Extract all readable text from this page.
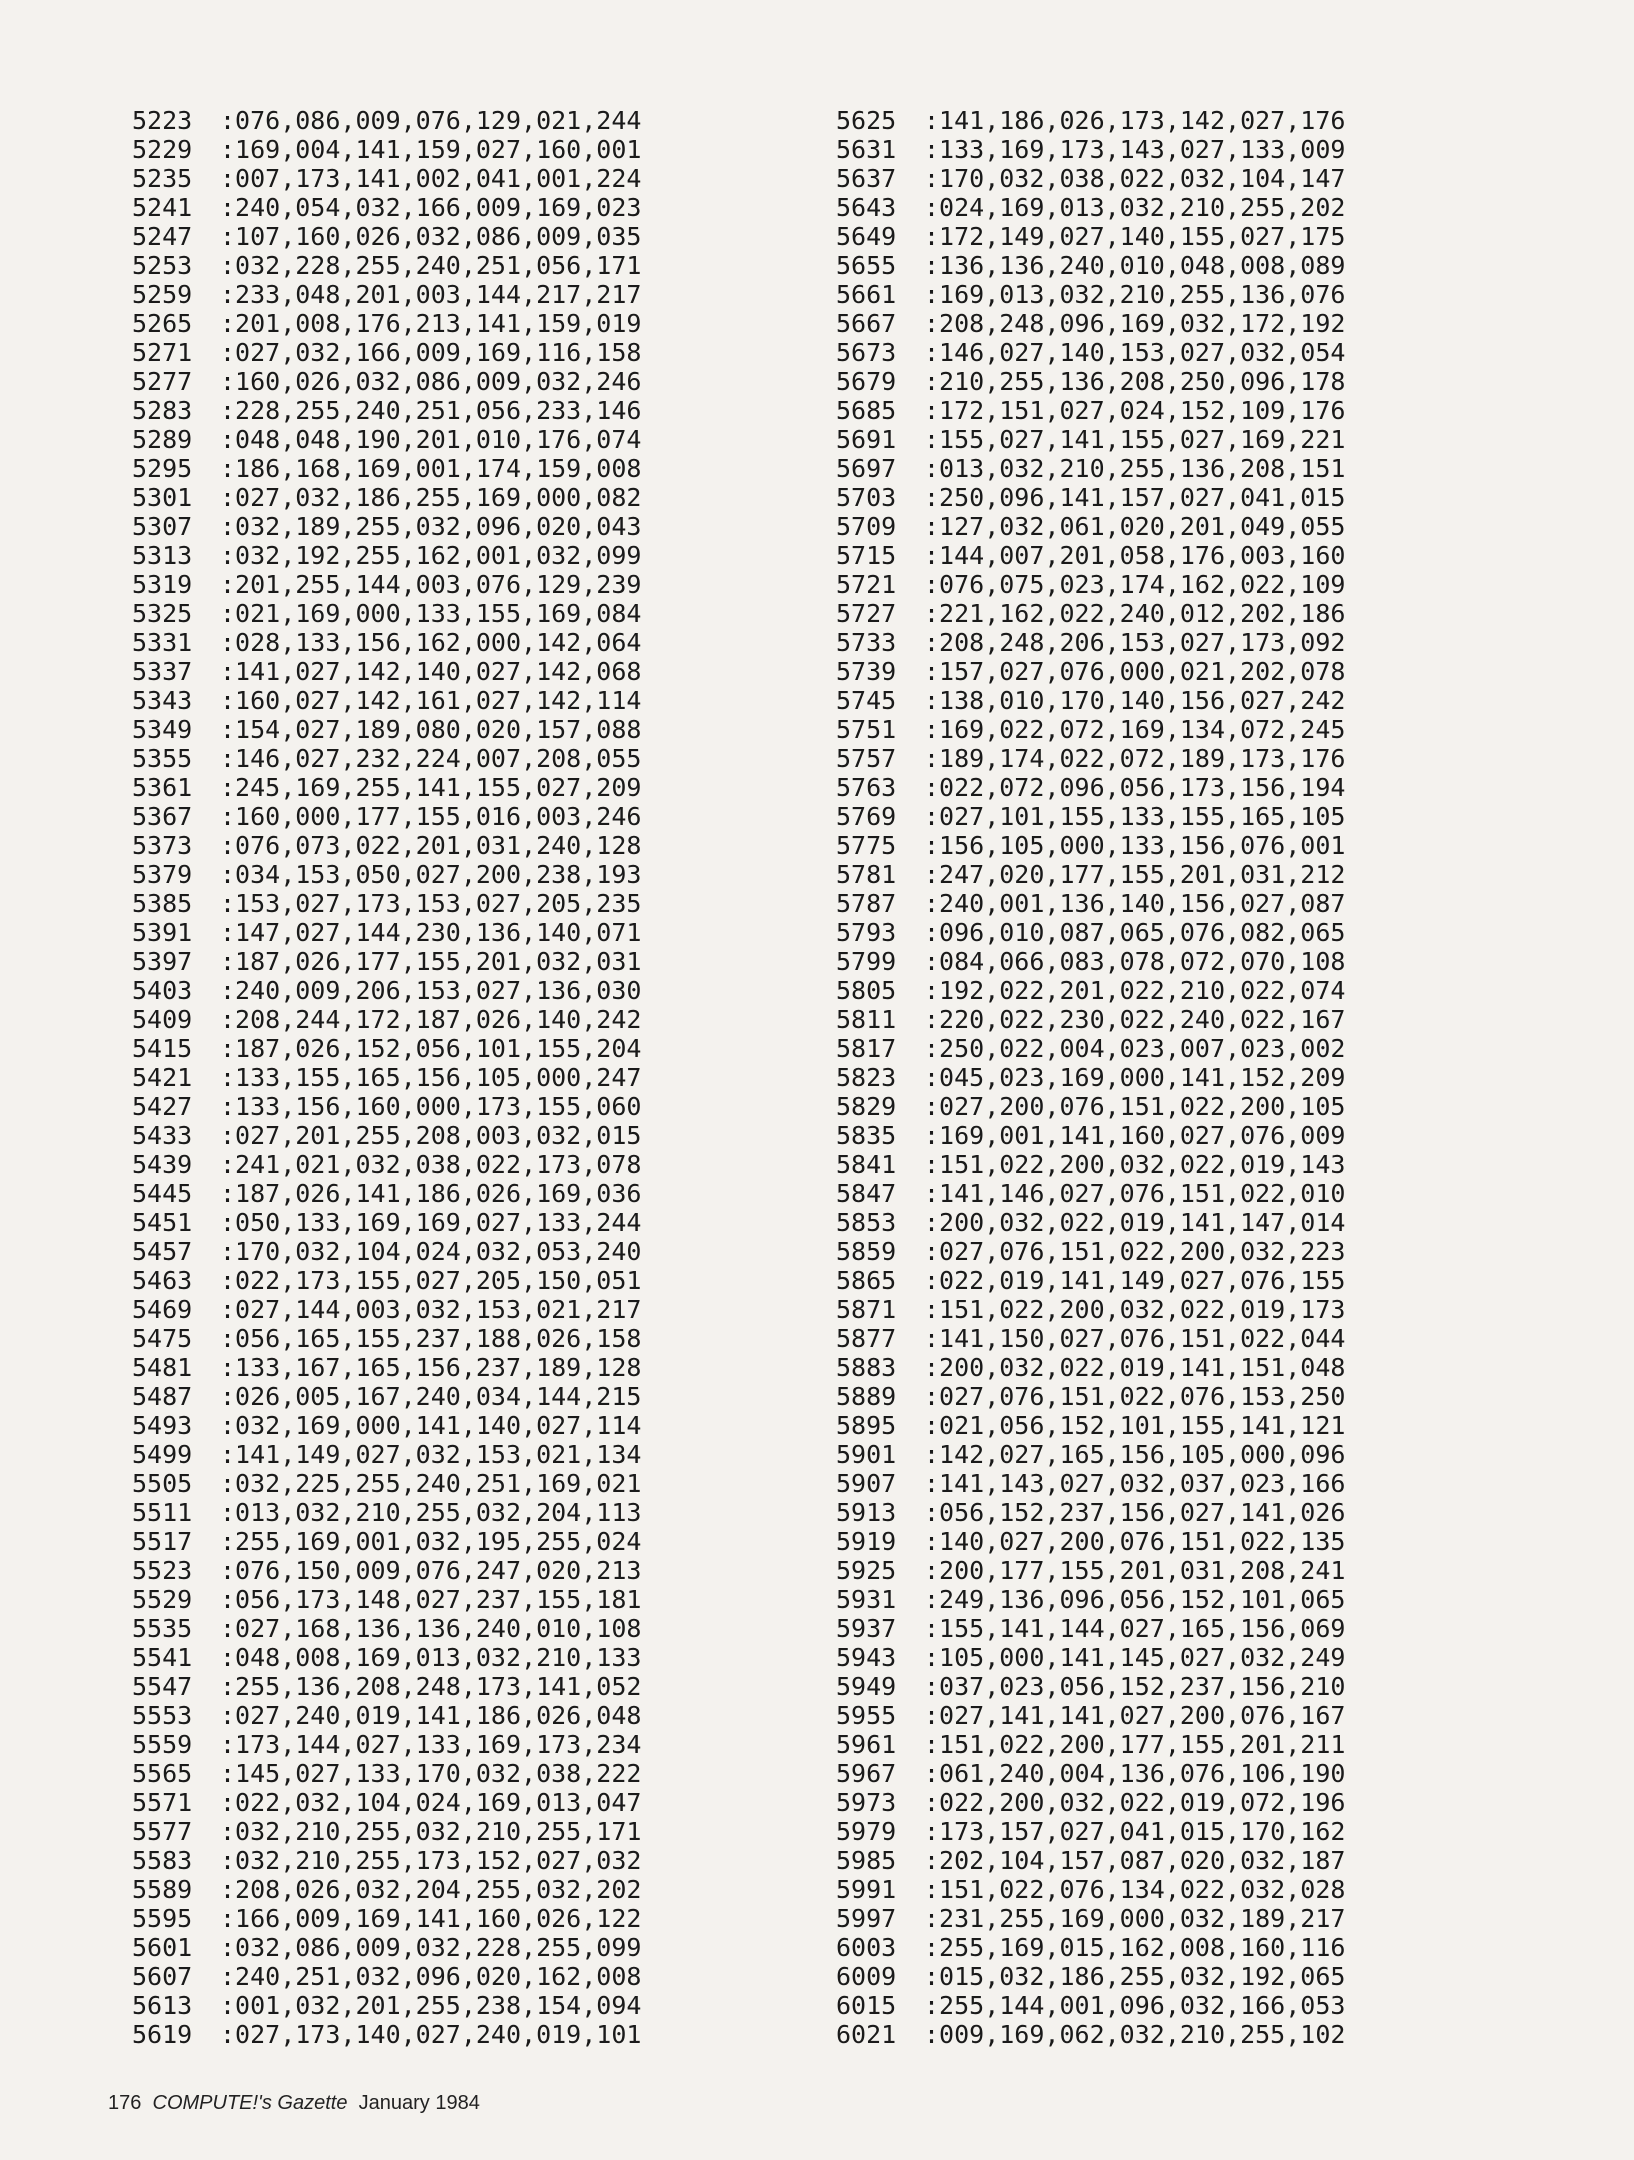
5223 :076,086,009,076,129,021,244
5229 :169,004,141,159,027,160,001
5235 :007,173,141,002,041,001,224
5241 :240,054,032,166,009,169,023
5247 :107,160,026,032,086,009,035
5253 :032,228,255,240,251,056,171
5259 :233,048,201,003,144,217,217
5265 :201,008,176,213,141,159,019
5271 :027,032,166,009,169,116,158
5277 :160,026,032,086,009,032,246
5283 :228,255,240,251,056,233,146
5289 :048,048,190,201,010,176,074
5295 :186,168,169,001,174,159,008
5301 :027,032,186,255,169,000,082
5307 :032,189,255,032,096,020,043
5313 :032,192,255,162,001,032,099
5319 :201,255,144,003,076,129,239
5325 :021,169,000,133,155,169,084
5331 :028,133,156,162,000,142,064
5337 :141,027,142,140,027,142,068
5343 :160,027,142,161,027,142,114
5349 :154,027,189,080,020,157,088
5355 :146,027,232,224,007,208,055
5361 :245,169,255,141,155,027,209
5367 :160,000,177,155,016,003,246
5373 :076,073,022,201,031,240,128
5379 :034,153,050,027,200,238,193
5385 :153,027,173,153,027,205,235
5391 :147,027,144,230,136,140,071
5397 :187,026,177,155,201,032,031
5403 :240,009,206,153,027,136,030
5409 :208,244,172,187,026,140,242
5415 :187,026,152,056,101,155,204
5421 :133,155,165,156,105,000,247
5427 :133,156,160,000,173,155,060
5433 :027,201,255,208,003,032,015
5439 :241,021,032,038,022,173,078
5445 :187,026,141,186,026,169,036
5451 :050,133,169,169,027,133,244
5457 :170,032,104,024,032,053,240
5463 :022,173,155,027,205,150,051
5469 :027,144,003,032,153,021,217
5475 :056,165,155,237,188,026,158
5481 :133,167,165,156,237,189,128
5487 :026,005,167,240,034,144,215
5493 :032,169,000,141,140,027,114
5499 :141,149,027,032,153,021,134
5505 :032,225,255,240,251,169,021
5511 :013,032,210,255,032,204,113
5517 :255,169,001,032,195,255,024
5523 :076,150,009,076,247,020,213
5529 :056,173,148,027,237,155,181
5535 :027,168,136,136,240,010,108
5541 :048,008,169,013,032,210,133
5547 :255,136,208,248,173,141,052
5553 :027,240,019,141,186,026,048
5559 :173,144,027,133,169,173,234
5565 :145,027,133,170,032,038,222
5571 :022,032,104,024,169,013,047
5577 :032,210,255,032,210,255,171
5583 :032,210,255,173,152,027,032
5589 :208,026,032,204,255,032,202
5595 :166,009,169,141,160,026,122
5601 :032,086,009,032,228,255,099
5607 :240,251,032,096,020,162,008
5613 :001,032,201,255,238,154,094
5619 :027,173,140,027,240,019,101
5625 :141,186,026,173,142,027,176
5631 :133,169,173,143,027,133,009
5637 :170,032,038,022,032,104,147
5643 :024,169,013,032,210,255,202
5649 :172,149,027,140,155,027,175
5655 :136,136,240,010,048,008,089
5661 :169,013,032,210,255,136,076
5667 :208,248,096,169,032,172,192
5673 :146,027,140,153,027,032,054
5679 :210,255,136,208,250,096,178
5685 :172,151,027,024,152,109,176
5691 :155,027,141,155,027,169,221
5697 :013,032,210,255,136,208,151
5703 :250,096,141,157,027,041,015
5709 :127,032,061,020,201,049,055
5715 :144,007,201,058,176,003,160
5721 :076,075,023,174,162,022,109
5727 :221,162,022,240,012,202,186
5733 :208,248,206,153,027,173,092
5739 :157,027,076,000,021,202,078
5745 :138,010,170,140,156,027,242
5751 :169,022,072,169,134,072,245
5757 :189,174,022,072,189,173,176
5763 :022,072,096,056,173,156,194
5769 :027,101,155,133,155,165,105
5775 :156,105,000,133,156,076,001
5781 :247,020,177,155,201,031,212
5787 :240,001,136,140,156,027,087
5793 :096,010,087,065,076,082,065
5799 :084,066,083,078,072,070,108
5805 :192,022,201,022,210,022,074
5811 :220,022,230,022,240,022,167
5817 :250,022,004,023,007,023,002
5823 :045,023,169,000,141,152,209
5829 :027,200,076,151,022,200,105
5835 :169,001,141,160,027,076,009
5841 :151,022,200,032,022,019,143
5847 :141,146,027,076,151,022,010
5853 :200,032,022,019,141,147,014
5859 :027,076,151,022,200,032,223
5865 :022,019,141,149,027,076,155
5871 :151,022,200,032,022,019,173
5877 :141,150,027,076,151,022,044
5883 :200,032,022,019,141,151,048
5889 :027,076,151,022,076,153,250
5895 :021,056,152,101,155,141,121
5901 :142,027,165,156,105,000,096
5907 :141,143,027,032,037,023,166
5913 :056,152,237,156,027,141,026
5919 :140,027,200,076,151,022,135
5925 :200,177,155,201,031,208,241
5931 :249,136,096,056,152,101,065
5937 :155,141,144,027,165,156,069
5943 :105,000,141,145,027,032,249
5949 :037,023,056,152,237,156,210
5955 :027,141,141,027,200,076,167
5961 :151,022,200,177,155,201,211
5967 :061,240,004,136,076,106,190
5973 :022,200,032,022,019,072,196
5979 :173,157,027,041,015,170,162
5985 :202,104,157,087,020,032,187
5991 :151,022,076,134,022,032,028
5997 :231,255,169,000,032,189,217
6003 :255,169,015,162,008,160,116
6009 :015,032,186,255,032,192,065
6015 :255,144,001,096,032,166,053
6021 :009,169,062,032,210,255,102
176 COMPUTE!'s Gazette January 1984
